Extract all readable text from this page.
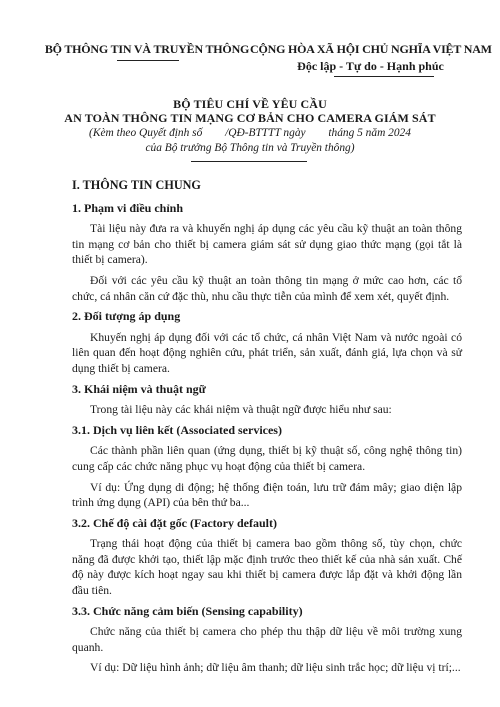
BỘ THÔNG TIN VÀ TRUYỀN THÔNG CỘNG HÒA XÃ HỘI CHỦ NGHĨA VIỆT NAM
Độc lập - Tự do - Hạnh phúc
BỘ TIÊU CHÍ VỀ YÊU CẦU
AN TOÀN THÔNG TIN MẠNG CƠ BẢN CHO CAMERA GIÁM SÁT
(Kèm theo Quyết định số        /QĐ-BTTTT ngày        tháng 5 năm 2024
của Bộ trưởng Bộ Thông tin và Truyền thông)
I. THÔNG TIN CHUNG
1. Phạm vi điều chỉnh
Tài liệu này đưa ra và khuyến nghị áp dụng các yêu cầu kỹ thuật an toàn thông tin mạng cơ bản cho thiết bị camera giám sát sử dụng giao thức mạng (gọi tắt là thiết bị camera).
Đối với các yêu cầu kỹ thuật an toàn thông tin mạng ở mức cao hơn, các tổ chức, cá nhân căn cứ đặc thù, nhu cầu thực tiễn của mình để xem xét, quyết định.
2. Đối tượng áp dụng
Khuyến nghị áp dụng đối với các tổ chức, cá nhân Việt Nam và nước ngoài có liên quan đến hoạt động nghiên cứu, phát triển, sản xuất, đánh giá, lựa chọn và sử dụng thiết bị camera.
3. Khái niệm và thuật ngữ
Trong tài liệu này các khái niệm và thuật ngữ được hiểu như sau:
3.1. Dịch vụ liên kết (Associated services)
Các thành phần liên quan (ứng dụng, thiết bị kỹ thuật số, công nghệ thông tin) cung cấp các chức năng phục vụ hoạt động của thiết bị camera.
Ví dụ: Ứng dụng di động; hệ thống điện toán, lưu trữ đám mây; giao diện lập trình ứng dụng (API) của bên thứ ba...
3.2. Chế độ cài đặt gốc (Factory default)
Trạng thái hoạt động của thiết bị camera bao gồm thông số, tùy chọn, chức năng đã được khởi tạo, thiết lập mặc định trước theo thiết kế của nhà sản xuất. Chế độ này được kích hoạt ngay sau khi thiết bị camera được lắp đặt và khởi động lần đầu tiên.
3.3. Chức năng cảm biến (Sensing capability)
Chức năng của thiết bị camera cho phép thu thập dữ liệu về môi trường xung quanh.
Ví dụ: Dữ liệu hình ảnh; dữ liệu âm thanh; dữ liệu sinh trắc học; dữ liệu vị trí;...
